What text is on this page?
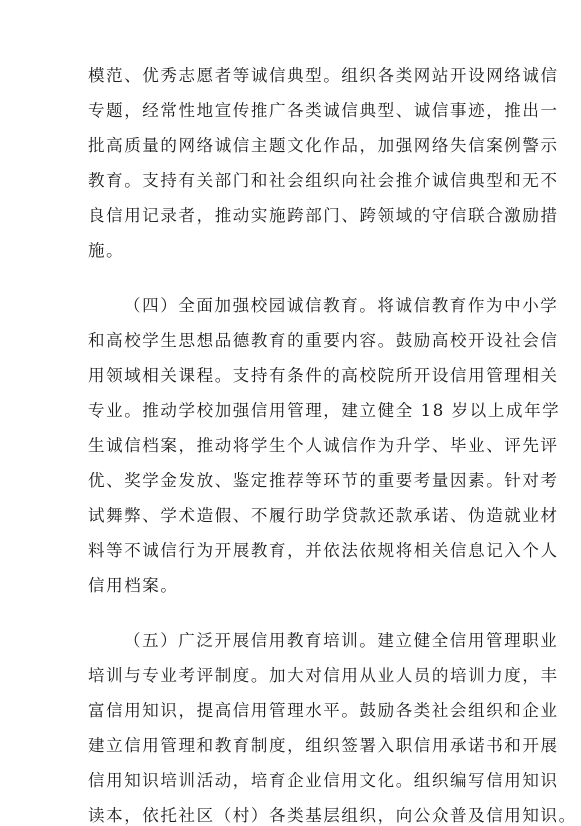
模范、优秀志愿者等诚信典型。组织各类网站开设网络诚信
专题，经常性地宣传推广各类诚信典型、诚信事迹，推出一
批高质量的网络诚信主题文化作品，加强网络失信案例警示
教育。支持有关部门和社会组织向社会推介诚信典型和无不
良信用记录者，推动实施跨部门、跨领域的守信联合激励措
施。
（四）全面加强校园诚信教育。将诚信教育作为中小学
和高校学生思想品德教育的重要内容。鼓励高校开设社会信
用领域相关课程。支持有条件的高校院所开设信用管理相关
专业。推动学校加强信用管理，建立健全 18 岁以上成年学
生诚信档案，推动将学生个人诚信作为升学、毕业、评先评
优、奖学金发放、鉴定推荐等环节的重要考量因素。针对考
试舞弊、学术造假、不履行助学贷款还款承诺、伪造就业材
料等不诚信行为开展教育，并依法依规将相关信息记入个人
信用档案。
（五）广泛开展信用教育培训。建立健全信用管理职业
培训与专业考评制度。加大对信用从业人员的培训力度，丰
富信用知识，提高信用管理水平。鼓励各类社会组织和企业
建立信用管理和教育制度，组织签署入职信用承诺书和开展
信用知识培训活动，培育企业信用文化。组织编写信用知识
读本，依托社区（村）各类基层组织，向公众普及信用知识。
